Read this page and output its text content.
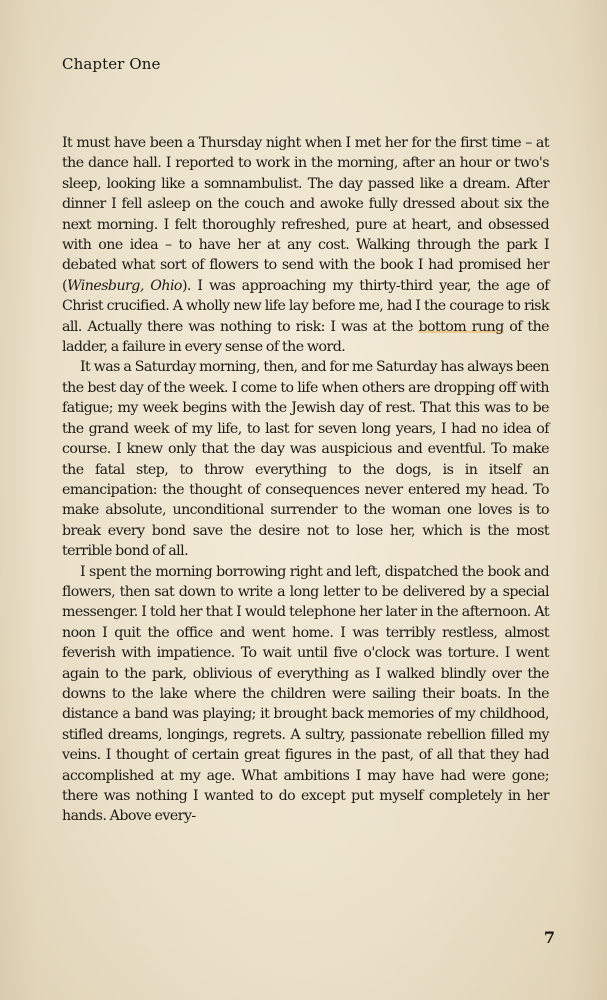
Chapter One

It must have been a Thursday night when I met her for the first time – at the dance hall. I reported to work in the morning, after an hour or two's sleep, looking like a somnambulist. The day passed like a dream. After dinner I fell asleep on the couch and awoke fully dressed about six the next morning. I felt thoroughly refreshed, pure at heart, and obsessed with one idea – to have her at any cost. Walking through the park I debated what sort of flowers to send with the book I had promised her (Winesburg, Ohio). I was approaching my thirty-third year, the age of Christ crucified. A wholly new life lay before me, had I the courage to risk all. Actually there was nothing to risk: I was at the bottom rung of the ladder, a failure in every sense of the word.

It was a Saturday morning, then, and for me Saturday has always been the best day of the week. I come to life when others are dropping off with fatigue; my week begins with the Jewish day of rest. That this was to be the grand week of my life, to last for seven long years, I had no idea of course. I knew only that the day was auspicious and eventful. To make the fatal step, to throw everything to the dogs, is in itself an emancipation: the thought of consequences never entered my head. To make absolute, unconditional surrender to the woman one loves is to break every bond save the desire not to lose her, which is the most terrible bond of all.

I spent the morning borrowing right and left, dispatched the book and flowers, then sat down to write a long letter to be delivered by a special messenger. I told her that I would telephone her later in the afternoon. At noon I quit the office and went home. I was terribly restless, almost feverish with impatience. To wait until five o'clock was torture. I went again to the park, oblivious of everything as I walked blindly over the downs to the lake where the children were sailing their boats. In the distance a band was playing; it brought back memories of my childhood, stifled dreams, longings, regrets. A sultry, passionate rebellion filled my veins. I thought of certain great figures in the past, of all that they had accomplished at my age. What ambitions I may have had were gone; there was nothing I wanted to do except put myself completely in her hands. Above every-

7
